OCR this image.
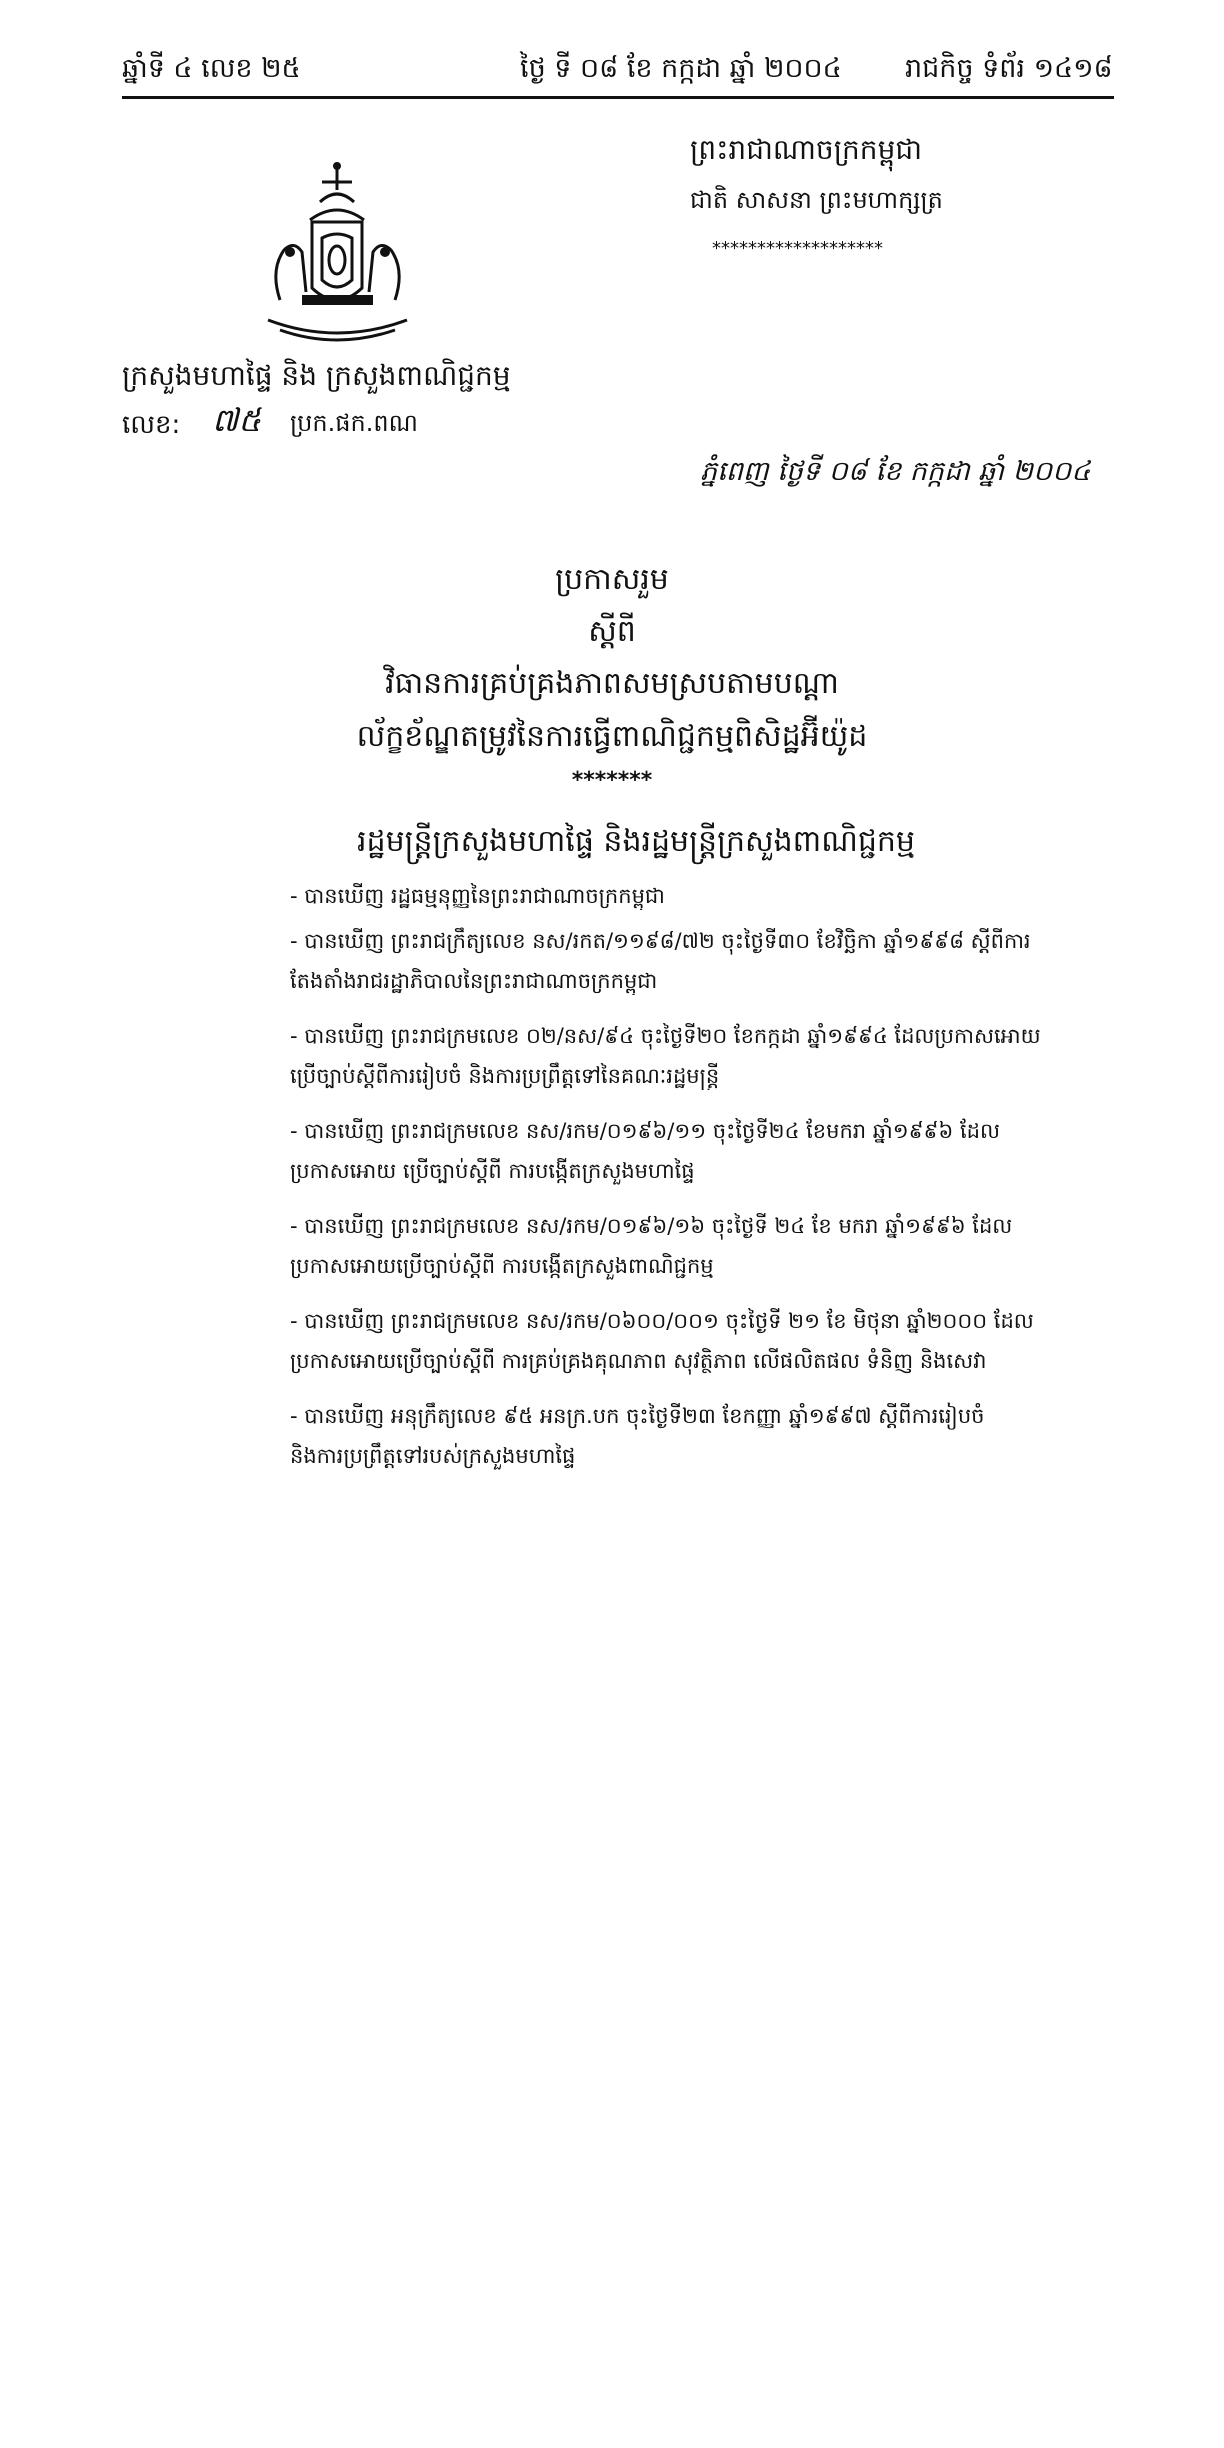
ឆ្នាំទី ៤ លេខ ២៥	ថ្ងៃ ទី ០៨ ខែ កក្កដា ឆ្នាំ ២០០៤ រាជកិច្ច ទំព័រ ១៤១៨
ព្រះរាជាណាចក្រកម្ពុជា
ជាតិ សាសនា ព្រះមហាក្សត្រ
*******************
ក្រសួងមហាផ្ទៃ និង ក្រសួងពាណិជ្ជកម្ម
លេខ: ៧៥ ប្រក.ផក.ពណ
ភ្នំពេញ ថ្ងៃទី ០៨ ខែ កក្កដា ឆ្នាំ ២០០៤
ប្រកាសរួម
ស្តីពី
វិធានការគ្រប់គ្រងភាពសមស្របតាមបណ្តា
ល័ក្ខខ័ណ្ឌតម្រូវនៃការធ្វើពាណិជ្ជកម្មពិសិដ្ឋអ៊ីយ៉ូដ
*******
រដ្ឋមន្ត្រីក្រសួងមហាផ្ទៃ និងរដ្ឋមន្ត្រីក្រសួងពាណិជ្ជកម្ម
- បានឃើញ រដ្ឋធម្មនុញ្ញនៃព្រះរាជាណាចក្រកម្ពុជា
- បានឃើញ ព្រះរាជក្រឹត្យលេខ នស/រកត/១១៩៨/៧២ ចុះថ្ងៃទី៣០ ខែវិច្ឆិកា ឆ្នាំ១៩៩៨ ស្តីពីការ
តែងតាំងរាជរដ្ឋាភិបាលនៃព្រះរាជាណាចក្រកម្ពុជា
- បានឃើញ ព្រះរាជក្រមលេខ ០២/នស/៩៤ ចុះថ្ងៃទី២០ ខែកក្កដា ឆ្នាំ១៩៩៤ ដែលប្រកាសអោយ
ប្រើច្បាប់ស្តីពីការរៀបចំ និងការប្រព្រឹត្តទៅនៃគណៈរដ្ឋមន្ត្រី
- បានឃើញ ព្រះរាជក្រមលេខ នស/រកម/០១៩៦/១១ ចុះថ្ងៃទី២៤ ខែមករា ឆ្នាំ១៩៩៦ ដែល
ប្រកាសអោយ ប្រើច្បាប់ស្តីពី ការបង្កើតក្រសួងមហាផ្ទៃ
- បានឃើញ ព្រះរាជក្រមលេខ នស/រកម/០១៩៦/១៦ ចុះថ្ងៃទី ២៤ ខែ មករា ឆ្នាំ១៩៩៦ ដែល
ប្រកាសអោយប្រើច្បាប់ស្តីពី ការបង្កើតក្រសួងពាណិជ្ជកម្ម
- បានឃើញ ព្រះរាជក្រមលេខ នស/រកម/០៦០០/០០១ ចុះថ្ងៃទី ២១ ខែ មិថុនា ឆ្នាំ២០០០ ដែល
ប្រកាសអោយប្រើច្បាប់ស្តីពី ការគ្រប់គ្រងគុណភាព សុវត្ថិភាព លើផលិតផល ទំនិញ និងសេវា
- បានឃើញ អនុក្រឹត្យលេខ ៩៥ អនក្រ.បក ចុះថ្ងៃទី២៣ ខែកញ្ញា ឆ្នាំ១៩៩៧ ស្តីពីការរៀបចំ
និងការប្រព្រឹត្តទៅរបស់ក្រសួងមហាផ្ទៃ
